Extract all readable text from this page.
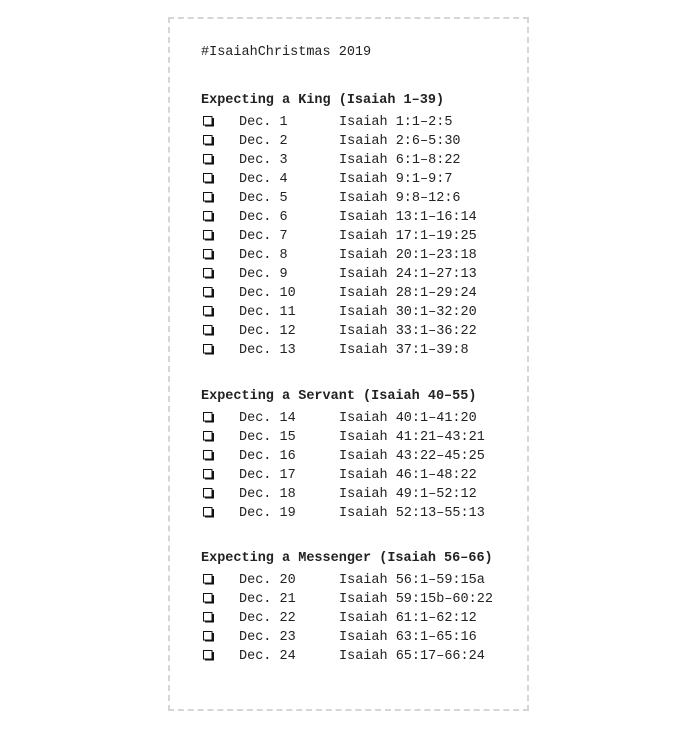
#IsaiahChristmas 2019
Expecting a King (Isaiah 1–39)
Dec. 1	Isaiah 1:1–2:5
Dec. 2	Isaiah 2:6–5:30
Dec. 3	Isaiah 6:1–8:22
Dec. 4	Isaiah 9:1–9:7
Dec. 5	Isaiah 9:8–12:6
Dec. 6	Isaiah 13:1–16:14
Dec. 7	Isaiah 17:1–19:25
Dec. 8	Isaiah 20:1–23:18
Dec. 9	Isaiah 24:1–27:13
Dec. 10	Isaiah 28:1–29:24
Dec. 11	Isaiah 30:1–32:20
Dec. 12	Isaiah 33:1–36:22
Dec. 13	Isaiah 37:1–39:8
Expecting a Servant (Isaiah 40–55)
Dec. 14	Isaiah 40:1–41:20
Dec. 15	Isaiah 41:21–43:21
Dec. 16	Isaiah 43:22–45:25
Dec. 17	Isaiah 46:1–48:22
Dec. 18	Isaiah 49:1–52:12
Dec. 19	Isaiah 52:13–55:13
Expecting a Messenger (Isaiah 56–66)
Dec. 20	Isaiah 56:1–59:15a
Dec. 21	Isaiah 59:15b–60:22
Dec. 22	Isaiah 61:1–62:12
Dec. 23	Isaiah 63:1–65:16
Dec. 24	Isaiah 65:17–66:24
